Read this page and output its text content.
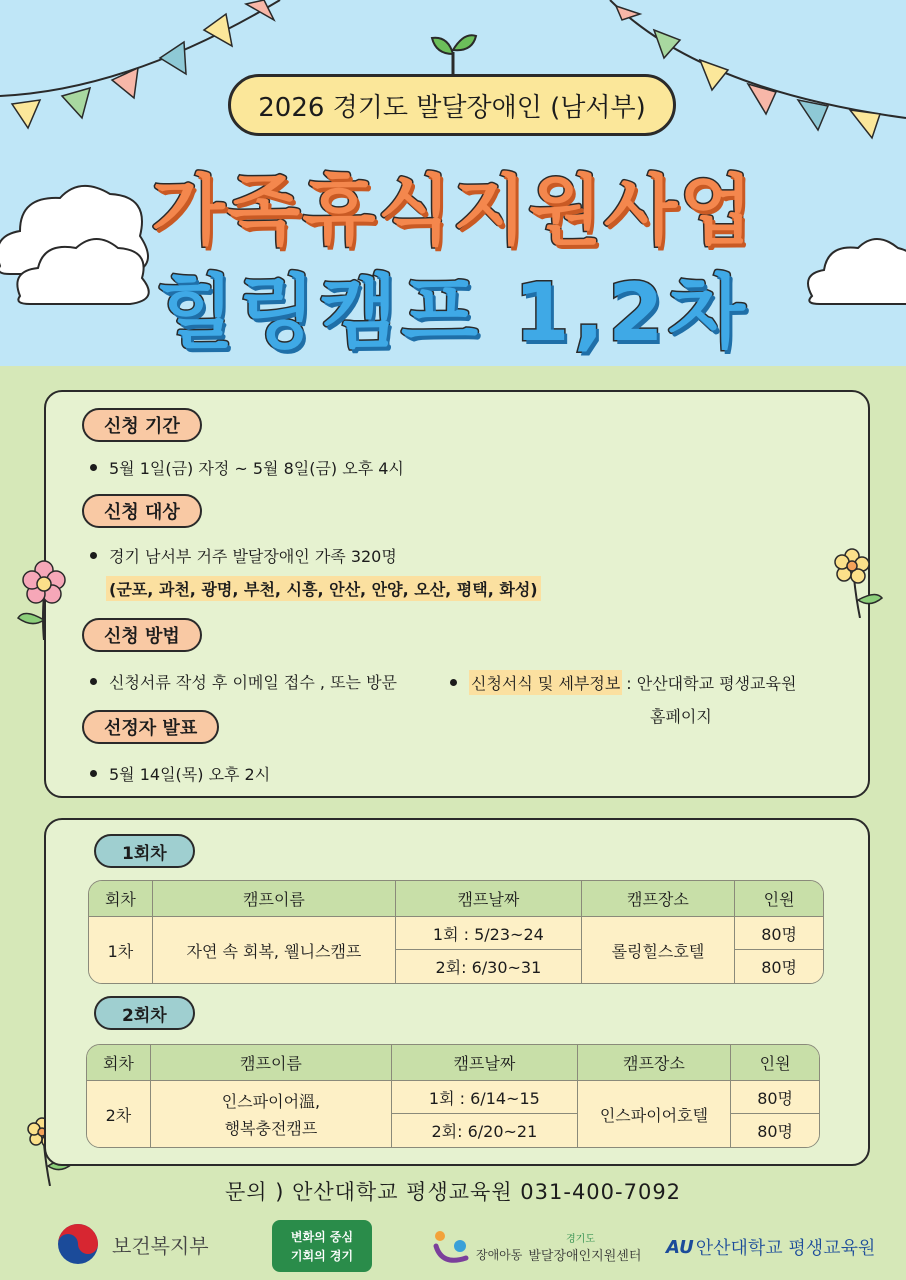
2026 경기도 발달장애인 (남서부)
가족휴식지원사업
힐링캠프 1,2차
신청 기간
5월 1일(금) 자정 ~ 5월 8일(금) 오후 4시
신청 대상
경기 남서부 거주 발달장애인 가족 320명
(군포, 과천, 광명, 부천, 시흥, 안산, 안양, 오산, 평택, 화성)
신청 방법
신청서류 작성 후 이메일 접수 , 또는 방문	신청서식 및 세부정보 : 안산대학교 평생교육원
홈페이지
선정자 발표
5월 14일(목) 오후 2시
1회차
회차	캠프이름	캠프날짜	캠프장소	인원
1차	자연 속 회복, 웰니스캠프	1회 : 5/23~24	롤링힐스호텔	80명
		2회: 6/30~31		80명
2회차
회차	캠프이름	캠프날짜	캠프장소	인원
2차	인스파이어溫,
행복충전캠프	1회 : 6/14~15	인스파이어호텔	80명
		2회: 6/20~21		80명
문의 ) 안산대학교 평생교육원 031-400-7092
보건복지부	변화의 중심
기회의 경기
경기도
장애아동 발달장애인지원센터 AU 안산대학교 평생교육원
